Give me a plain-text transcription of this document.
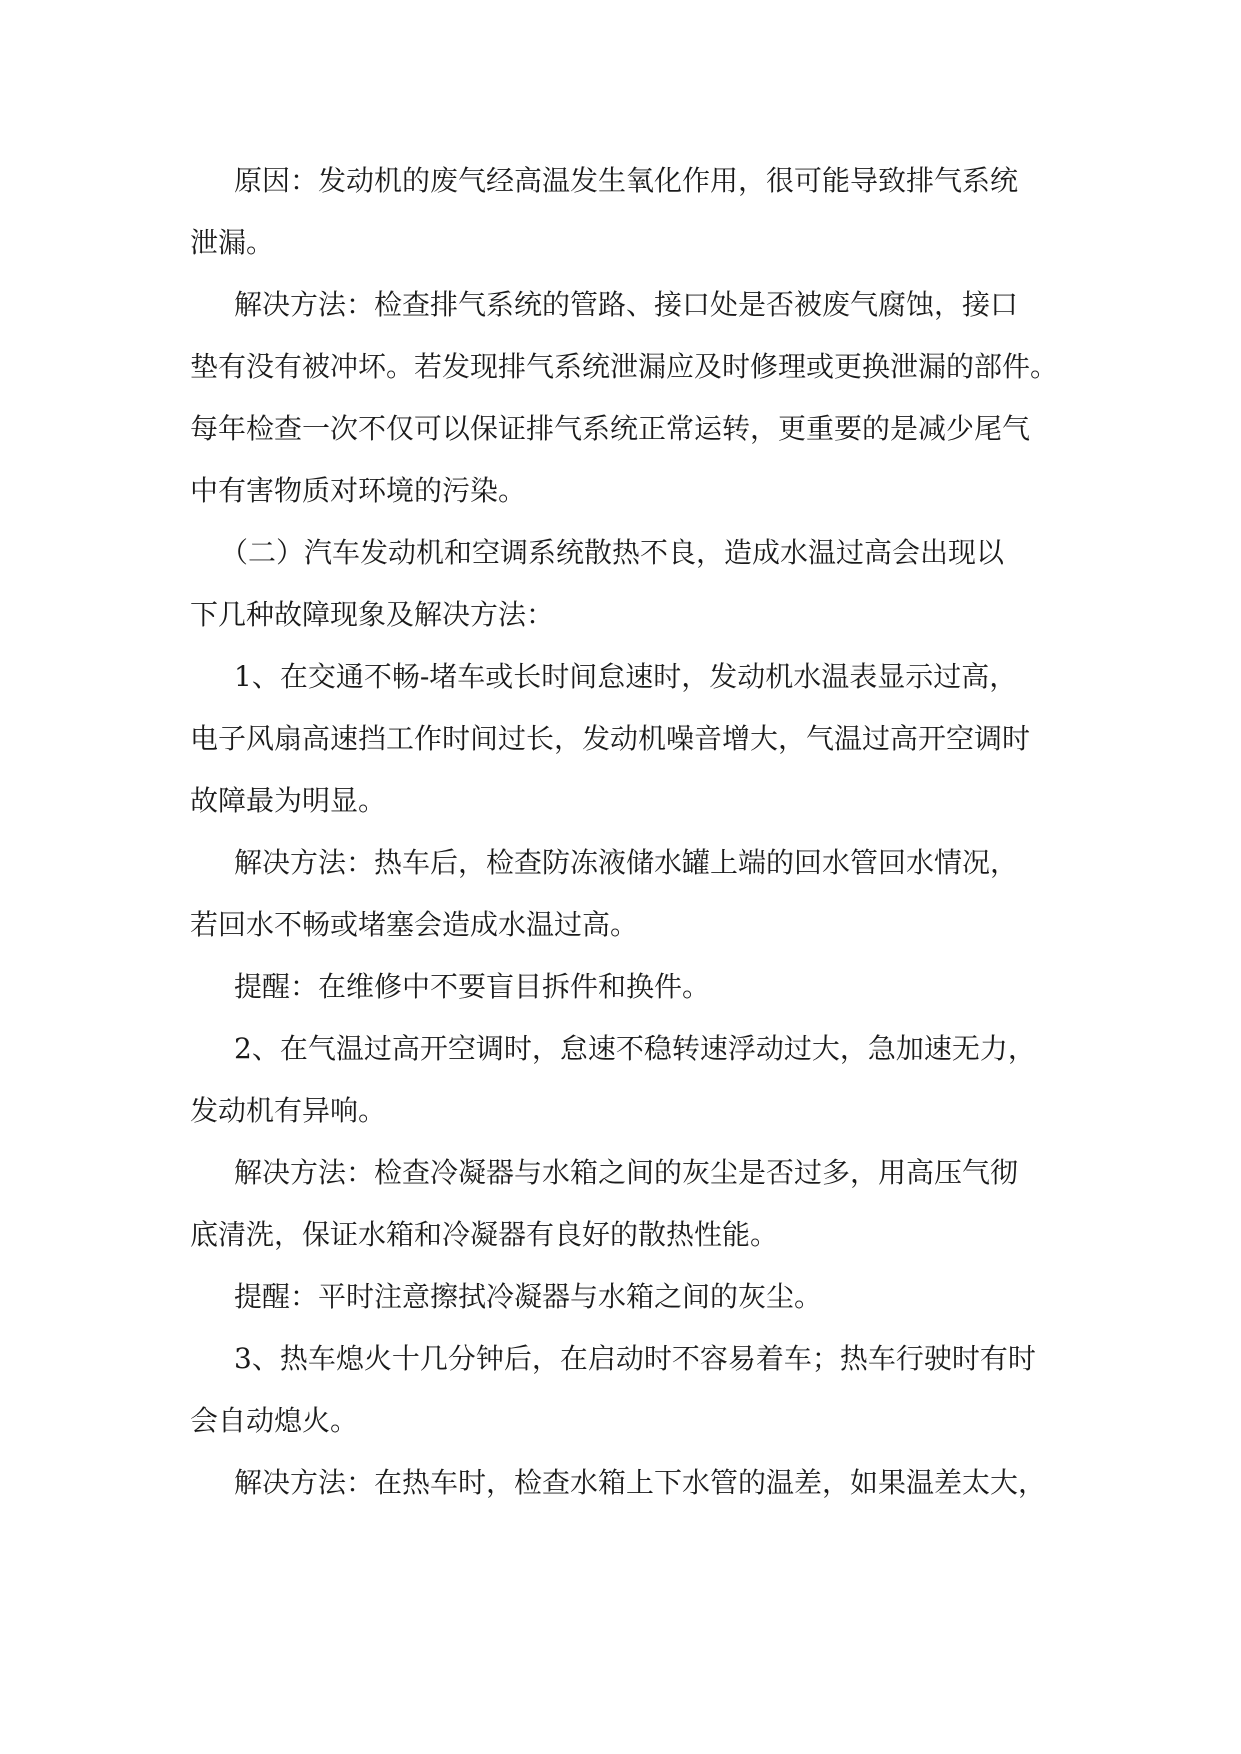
原因：发动机的废气经高温发生氧化作用，很可能导致排气系统
泄漏。
解决方法：检查排气系统的管路、接口处是否被废气腐蚀，接口
垫有没有被冲坏。若发现排气系统泄漏应及时修理或更换泄漏的部件。
每年检查一次不仅可以保证排气系统正常运转，更重要的是减少尾气
中有害物质对环境的污染。
（二）汽车发动机和空调系统散热不良，造成水温过高会出现以
下几种故障现象及解决方法：
1、在交通不畅-堵车或长时间怠速时，发动机水温表显示过高，
电子风扇高速挡工作时间过长，发动机噪音增大，气温过高开空调时
故障最为明显。
解决方法：热车后，检查防冻液储水罐上端的回水管回水情况，
若回水不畅或堵塞会造成水温过高。
提醒：在维修中不要盲目拆件和换件。
2、在气温过高开空调时，怠速不稳转速浮动过大，急加速无力，
发动机有异响。
解决方法：检查冷凝器与水箱之间的灰尘是否过多，用高压气彻
底清洗，保证水箱和冷凝器有良好的散热性能。
提醒：平时注意擦拭冷凝器与水箱之间的灰尘。
3、热车熄火十几分钟后，在启动时不容易着车；热车行驶时有时
会自动熄火。
解决方法：在热车时，检查水箱上下水管的温差，如果温差太大，
